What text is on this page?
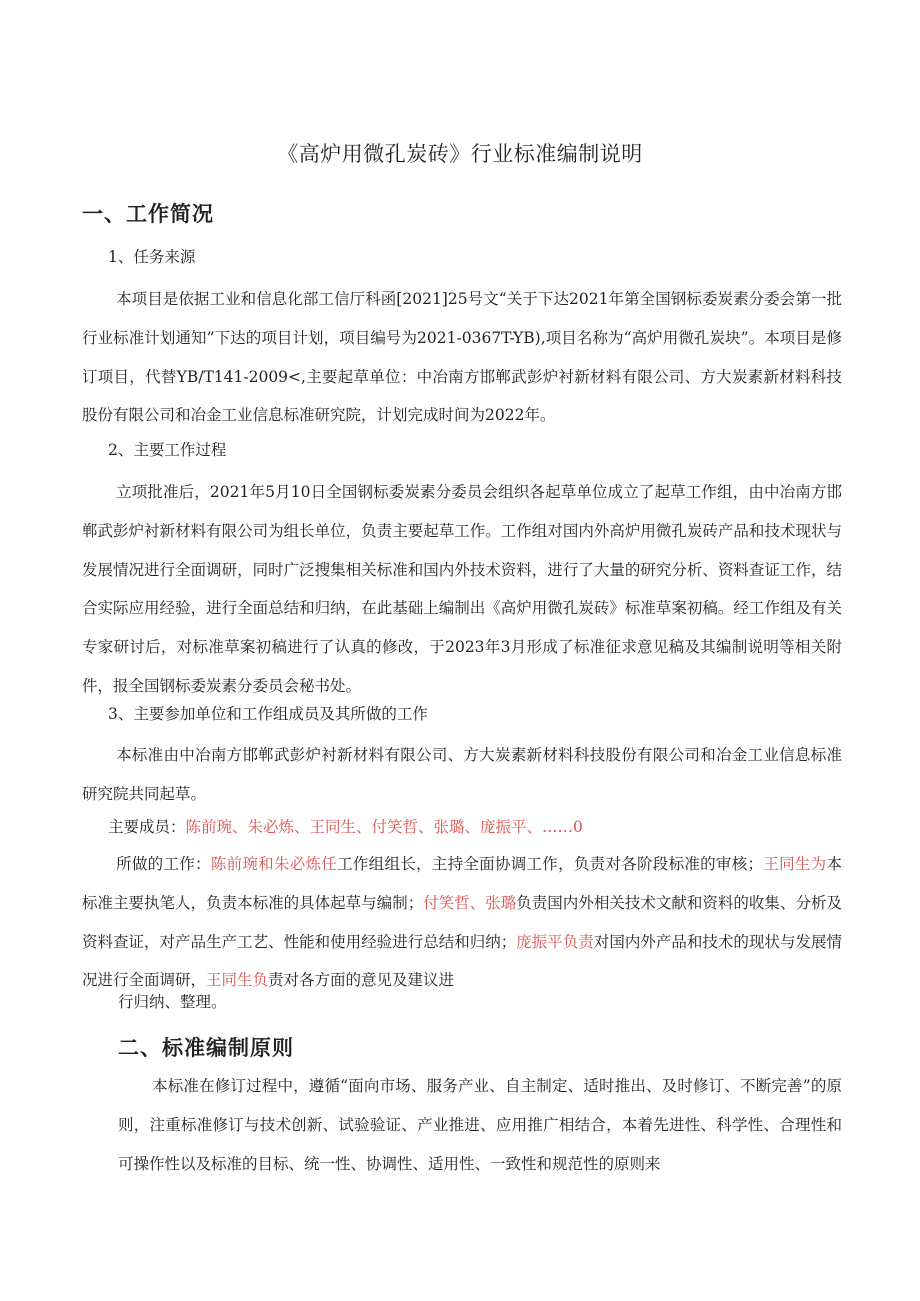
《高炉用微孔炭砖》行业标准编制说明
一、工作简况
1、任务来源
本项目是依据工业和信息化部工信厅科函[2021]25号文“关于下达2021年第全国钢标委炭素分委会第一批行业标准计划通知”下达的项目计划，项目编号为2021-0367T-YB),项目名称为“高炉用微孔炭块”。本项目是修订项目，代替YB/T141-2009<,主要起草单位：中冶南方邯郸武彭炉衬新材料有限公司、方大炭素新材料科技股份有限公司和冶金工业信息标准研究院，计划完成时间为2022年。
2、主要工作过程
立项批准后，2021年5月10日全国钢标委炭素分委员会组织各起草单位成立了起草工作组，由中冶南方邯郸武彭炉衬新材料有限公司为组长单位，负责主要起草工作。工作组对国内外高炉用微孔炭砖产品和技术现状与发展情况进行全面调研，同时广泛搜集相关标准和国内外技术资料，进行了大量的研究分析、资料查证工作，结合实际应用经验，进行全面总结和归纳，在此基础上编制出《高炉用微孔炭砖》标准草案初稿。经工作组及有关专家研讨后，对标准草案初稿进行了认真的修改，于2023年3月形成了标准征求意见稿及其编制说明等相关附件，报全国钢标委炭素分委员会秘书处。
3、主要参加单位和工作组成员及其所做的工作
本标准由中冶南方邯郸武彭炉衬新材料有限公司、方大炭素新材料科技股份有限公司和冶金工业信息标准研究院共同起草。
主要成员：陈前琬、朱必炼、王同生、付笑哲、张璐、庞振平、……0
所做的工作：陈前琬和朱必炼任工作组组长，主持全面协调工作，负责对各阶段标准的审核；王同生为本标准主要执笔人，负责本标准的具体起草与编制；付笑哲、张璐负责国内外相关技术文献和资料的收集、分析及资料查证，对产品生产工艺、性能和使用经验进行总结和归纳；庞振平负责对国内外产品和技术的现状与发展情况进行全面调研，王同生负责对各方面的意见及建议进
行归纳、整理。
二、标准编制原则
本标准在修订过程中，遵循“面向市场、服务产业、自主制定、适时推出、及时修订、不断完善”的原则，注重标准修订与技术创新、试验验证、产业推进、应用推广相结合，本着先进性、科学性、合理性和可操作性以及标准的目标、统一性、协调性、适用性、一致性和规范性的原则来
